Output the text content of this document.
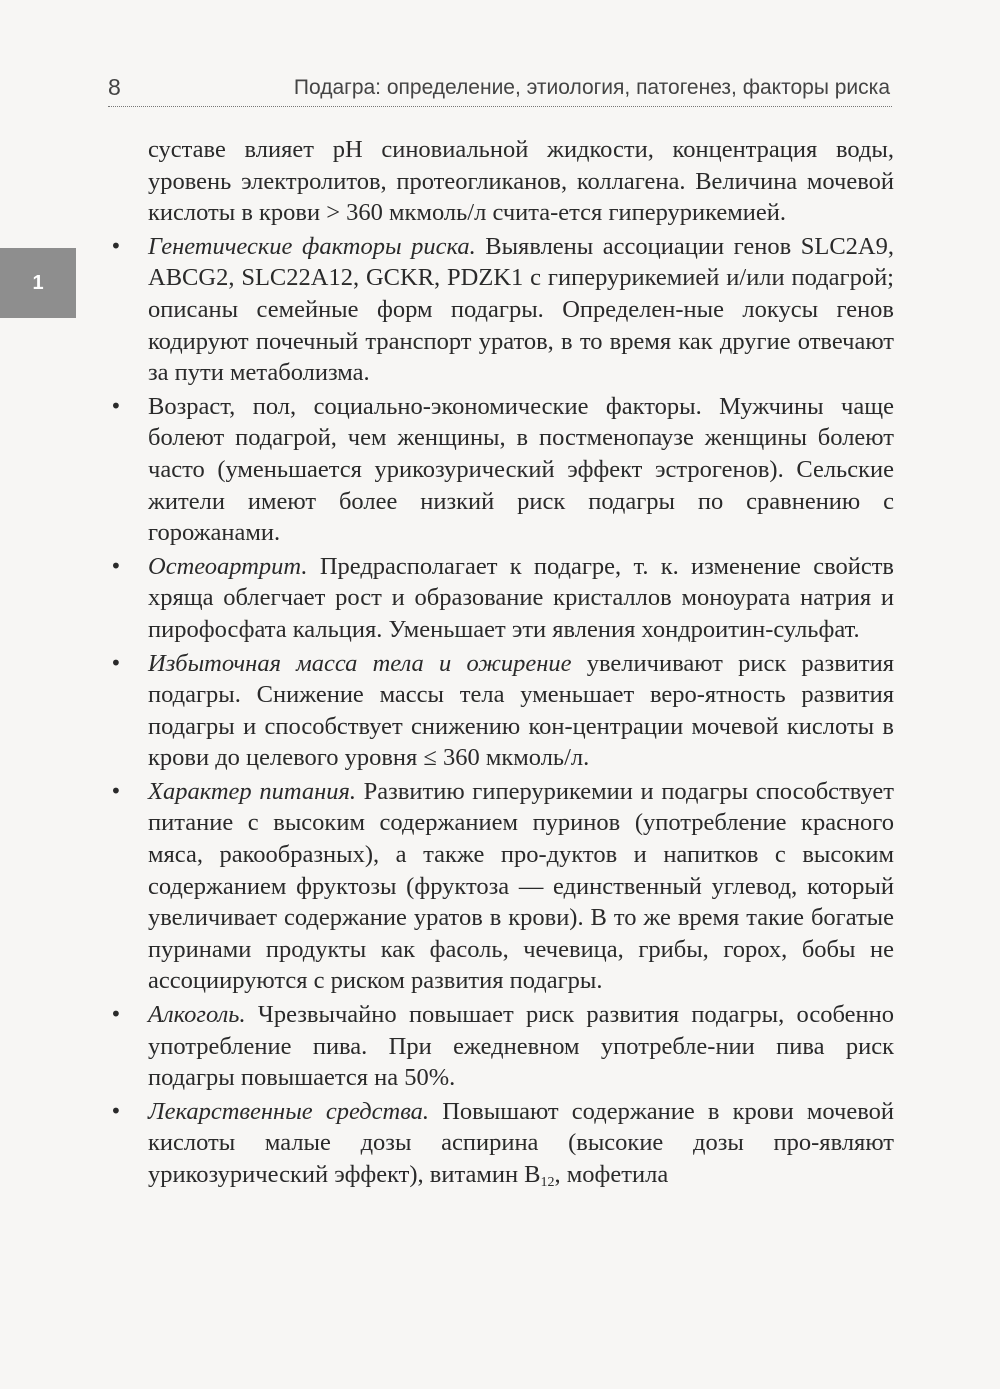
8	Подагра: определение, этиология, патогенез, факторы риска
1

суставе влияет pH синовиальной жидкости, концентрация воды, уровень электролитов, протеогликанов, коллагена. Величина мочевой кислоты в крови > 360 мкмоль/л счита-ется гиперурикемией.

• Генетические факторы риска. Выявлены ассоциации генов SLC2A9, ABCG2, SLC22A12, GCKR, PDZK1 с гиперурикемией и/или подагрой; описаны семейные форм подагры. Определен-ные локусы генов кодируют почечный транспорт уратов, в то время как другие отвечают за пути метаболизма.
• Возраст, пол, социально-экономические факторы. Мужчины чаще болеют подагрой, чем женщины, в постменопаузе женщины болеют часто (уменьшается урикозурический эффект эстрогенов). Сельские жители имеют более низкий риск подагры по сравнению с горожанами.
• Остеоартрит. Предрасполагает к подагре, т. к. изменение свойств хряща облегчает рост и образование кристаллов моноурата натрия и пирофосфата кальция. Уменьшает эти явления хондроитин-сульфат.
• Избыточная масса тела и ожирение увеличивают риск развития подагры. Снижение массы тела уменьшает веро-ятность развития подагры и способствует снижению кон-центрации мочевой кислоты в крови до целевого уровня ≤ 360 мкмоль/л.
• Характер питания. Развитию гиперурикемии и подагры способствует питание с высоким содержанием пуринов (употребление красного мяса, ракообразных), а также про-дуктов и напитков с высоким содержанием фруктозы (фруктоза — единственный углевод, который увеличивает содержание уратов в крови). В то же время такие богатые пуринами продукты как фасоль, чечевица, грибы, горох, бобы не ассоциируются с риском развития подагры.
• Алкоголь. Чрезвычайно повышает риск развития подагры, особенно употребление пива. При ежедневном употребле-нии пива риск подагры повышается на 50%.
• Лекарственные средства. Повышают содержание в крови мочевой кислоты малые дозы аспирина (высокие дозы про-являют урикозурический эффект), витамин $B_{12}$, мофетила
